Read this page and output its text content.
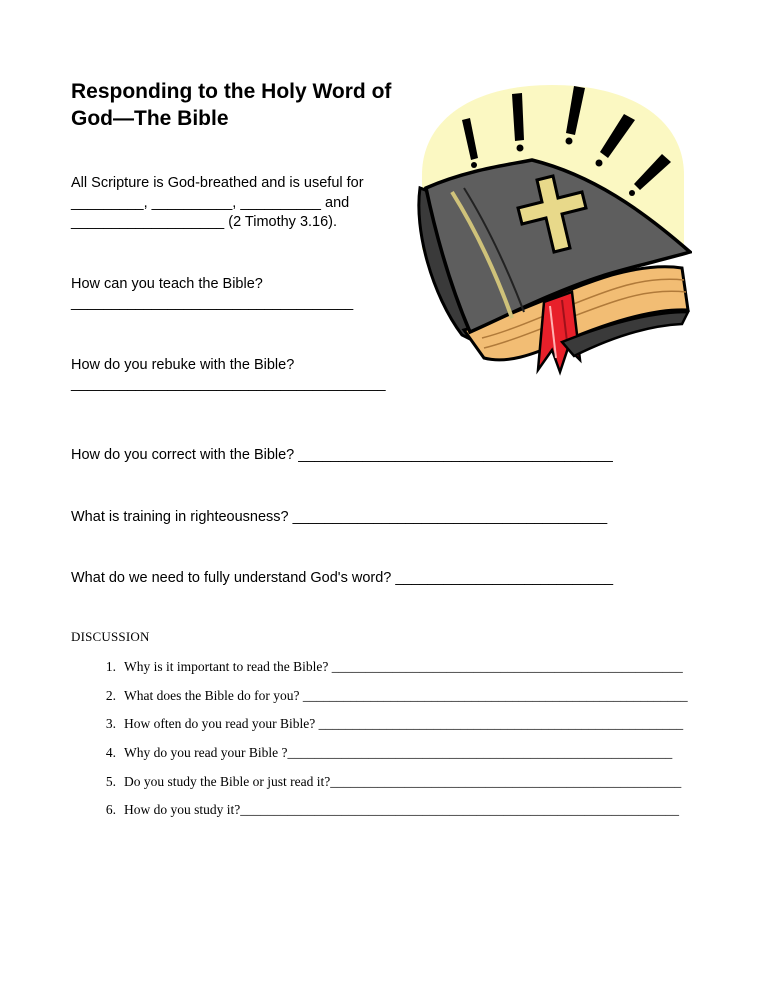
Responding to the Holy Word of God—The Bible
All Scripture is God-breathed and is useful for _________, __________, __________ and ___________________ (2 Timothy 3.16).
How can you teach the Bible? ___________________________________
How do you rebuke with the Bible? _______________________________________
How do you correct with the Bible? _______________________________________
What is training in righteousness? _______________________________________
What do we need to fully understand God's word? ___________________________
DISCUSSION
1. Why is it important to read the Bible? ____________________________________________________
2. What does the Bible do for you? _________________________________________________________
3. How often do you read your Bible? ______________________________________________________
4. Why do you read your Bible ?_________________________________________________________
5. Do you study the Bible or just read it?____________________________________________________
6. How do you study it?_________________________________________________________________
